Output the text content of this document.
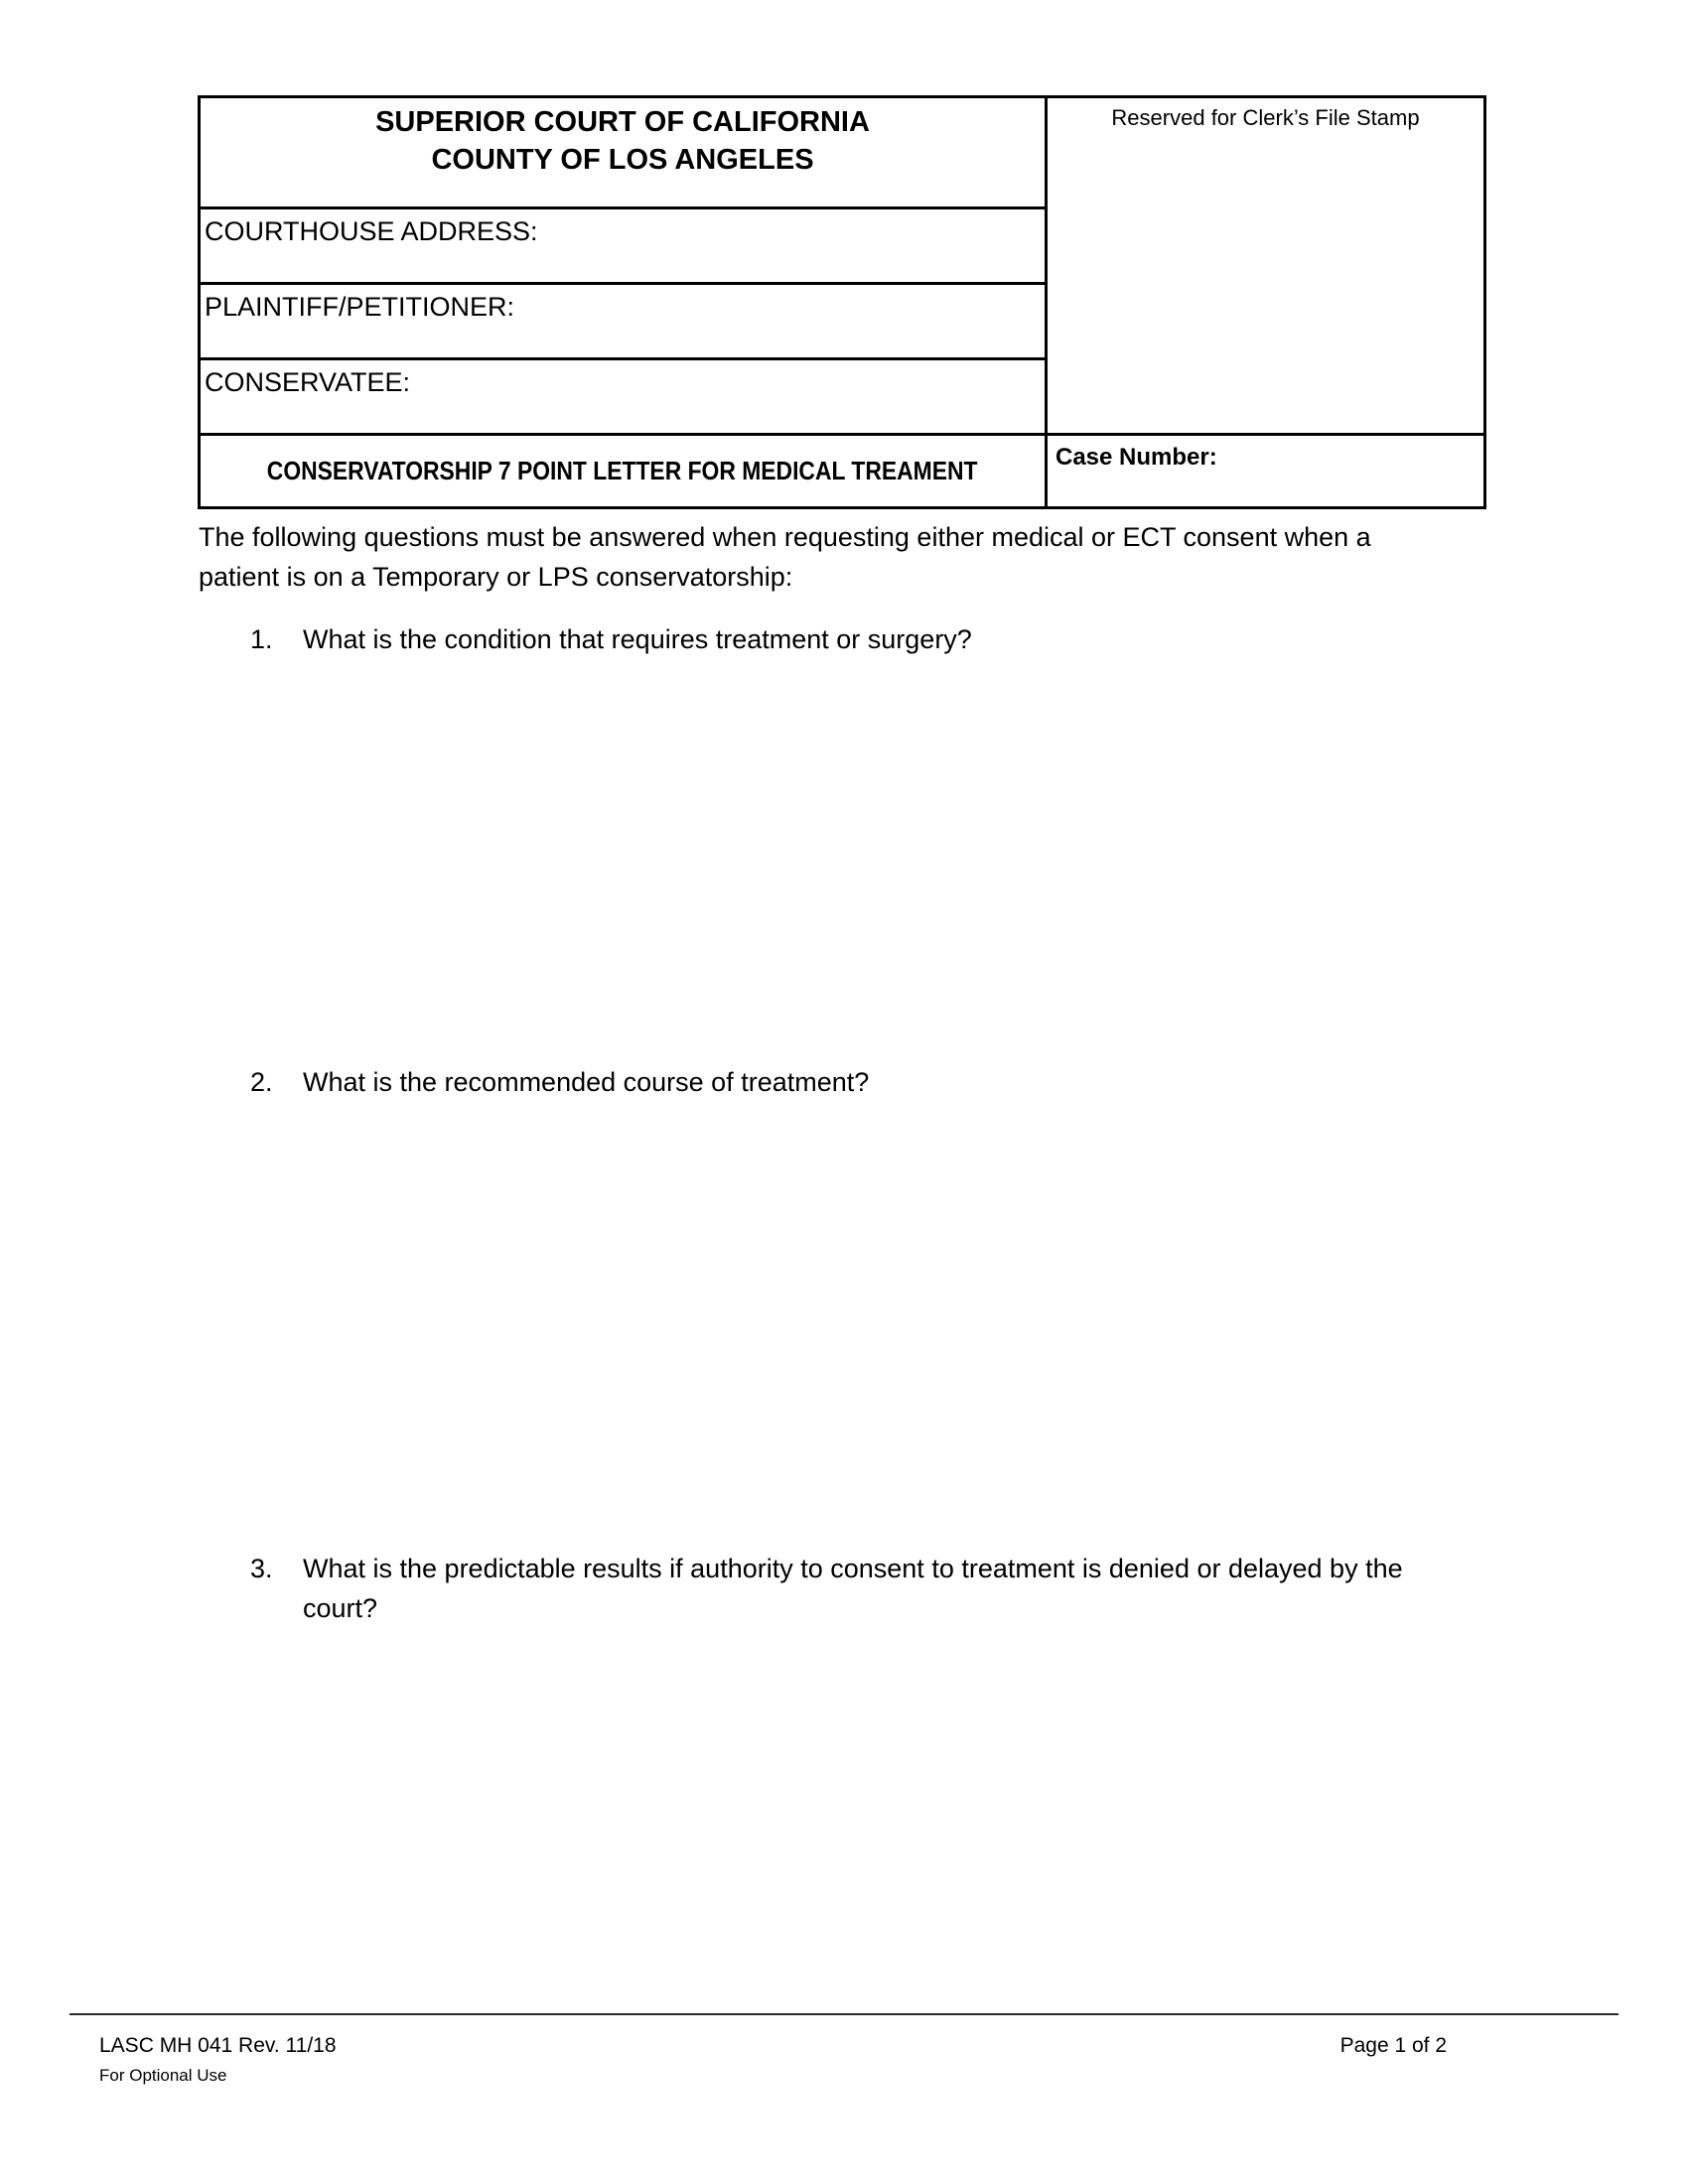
SUPERIOR COURT OF CALIFORNIA
COUNTY OF LOS ANGELES
COURTHOUSE ADDRESS:
PLAINTIFF/PETITIONER:
CONSERVATEE:
CONSERVATORSHIP 7 POINT LETTER FOR MEDICAL TREAMENT
Reserved for Clerk’s File Stamp
Case Number:
The following questions must be answered when requesting either medical or ECT consent when a
patient is on a Temporary or LPS conservatorship:
1.	What is the condition that requires treatment or surgery?
2.	What is the recommended course of treatment?
3.	What is the predictable results if authority to consent to treatment is denied or delayed by the
court?
LASC MH 041 Rev. 11/18	Page 1 of 2
For Optional Use
